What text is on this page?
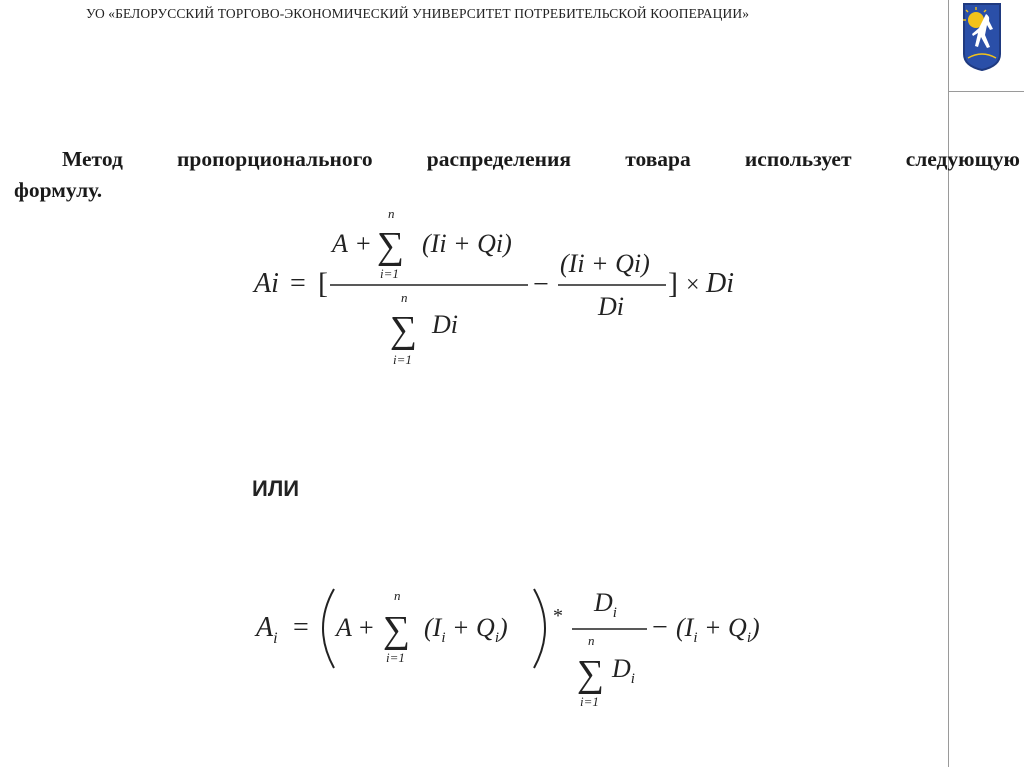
УО «БЕЛОРУССКИЙ ТОРГОВО-ЭКОНОМИЧЕСКИЙ УНИВЕРСИТЕТ ПОТРЕБИТЕЛЬСКОЙ КООПЕРАЦИИ»
Метод	пропорционального	распределения	товара	использует	следующую
формулу.
Ai = [
A +
n
∑
i=1
(Ii + Qi)
n
∑
i=1
Di
−
(Ii + Qi)
Di
] × Di
ИЛИ
$A_i = A$ +
n
∑
i=1
$(I_i + Q_i) * D_i$
n
∑
i=1
$D_i$
− $(I_i + Q_i)$
